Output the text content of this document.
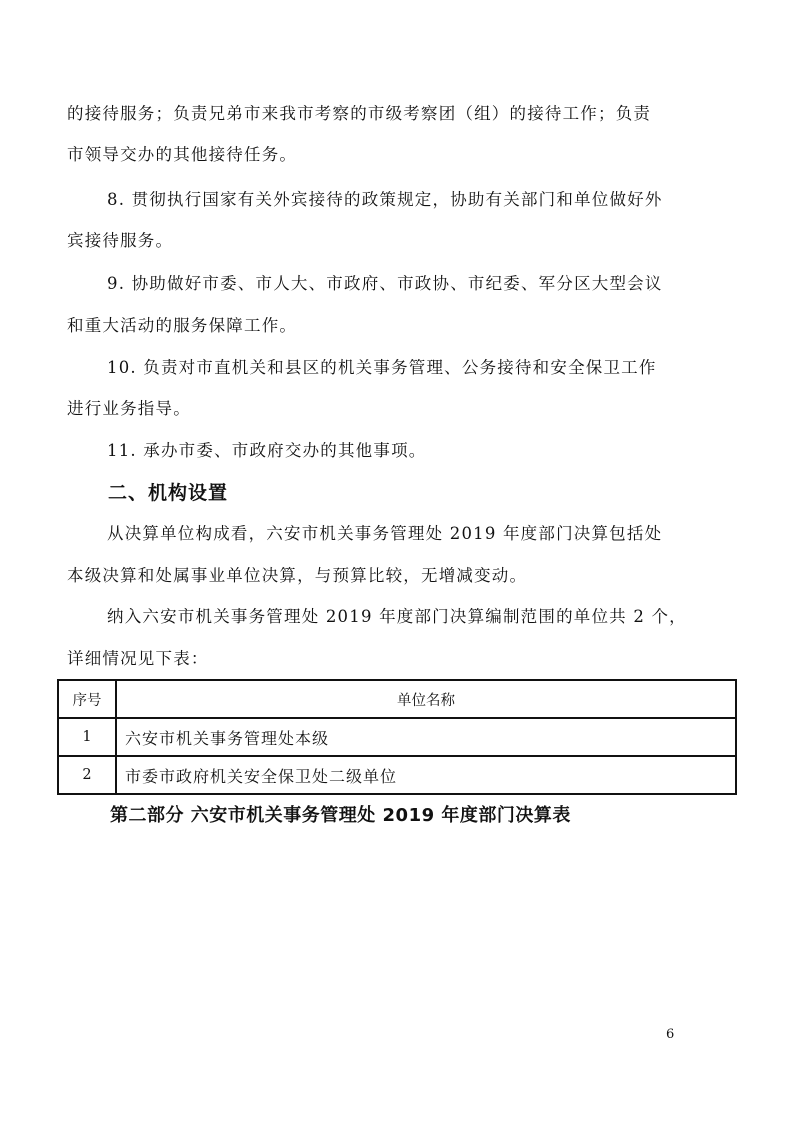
的接待服务；负责兄弟市来我市考察的市级考察团（组）的接待工作；负责
市领导交办的其他接待任务。
8. 贯彻执行国家有关外宾接待的政策规定，协助有关部门和单位做好外
宾接待服务。
9. 协助做好市委、市人大、市政府、市政协、市纪委、军分区大型会议
和重大活动的服务保障工作。
10. 负责对市直机关和县区的机关事务管理、公务接待和安全保卫工作
进行业务指导。
11. 承办市委、市政府交办的其他事项。
二、机构设置
从决算单位构成看，六安市机关事务管理处 2019 年度部门决算包括处
本级决算和处属事业单位决算，与预算比较，无增减变动。
纳入六安市机关事务管理处 2019 年度部门决算编制范围的单位共 2 个，
详细情况见下表：
序号	单位名称
1	六安市机关事务管理处本级
2	市委市政府机关安全保卫处二级单位
第二部分 六安市机关事务管理处 2019 年度部门决算表
6
